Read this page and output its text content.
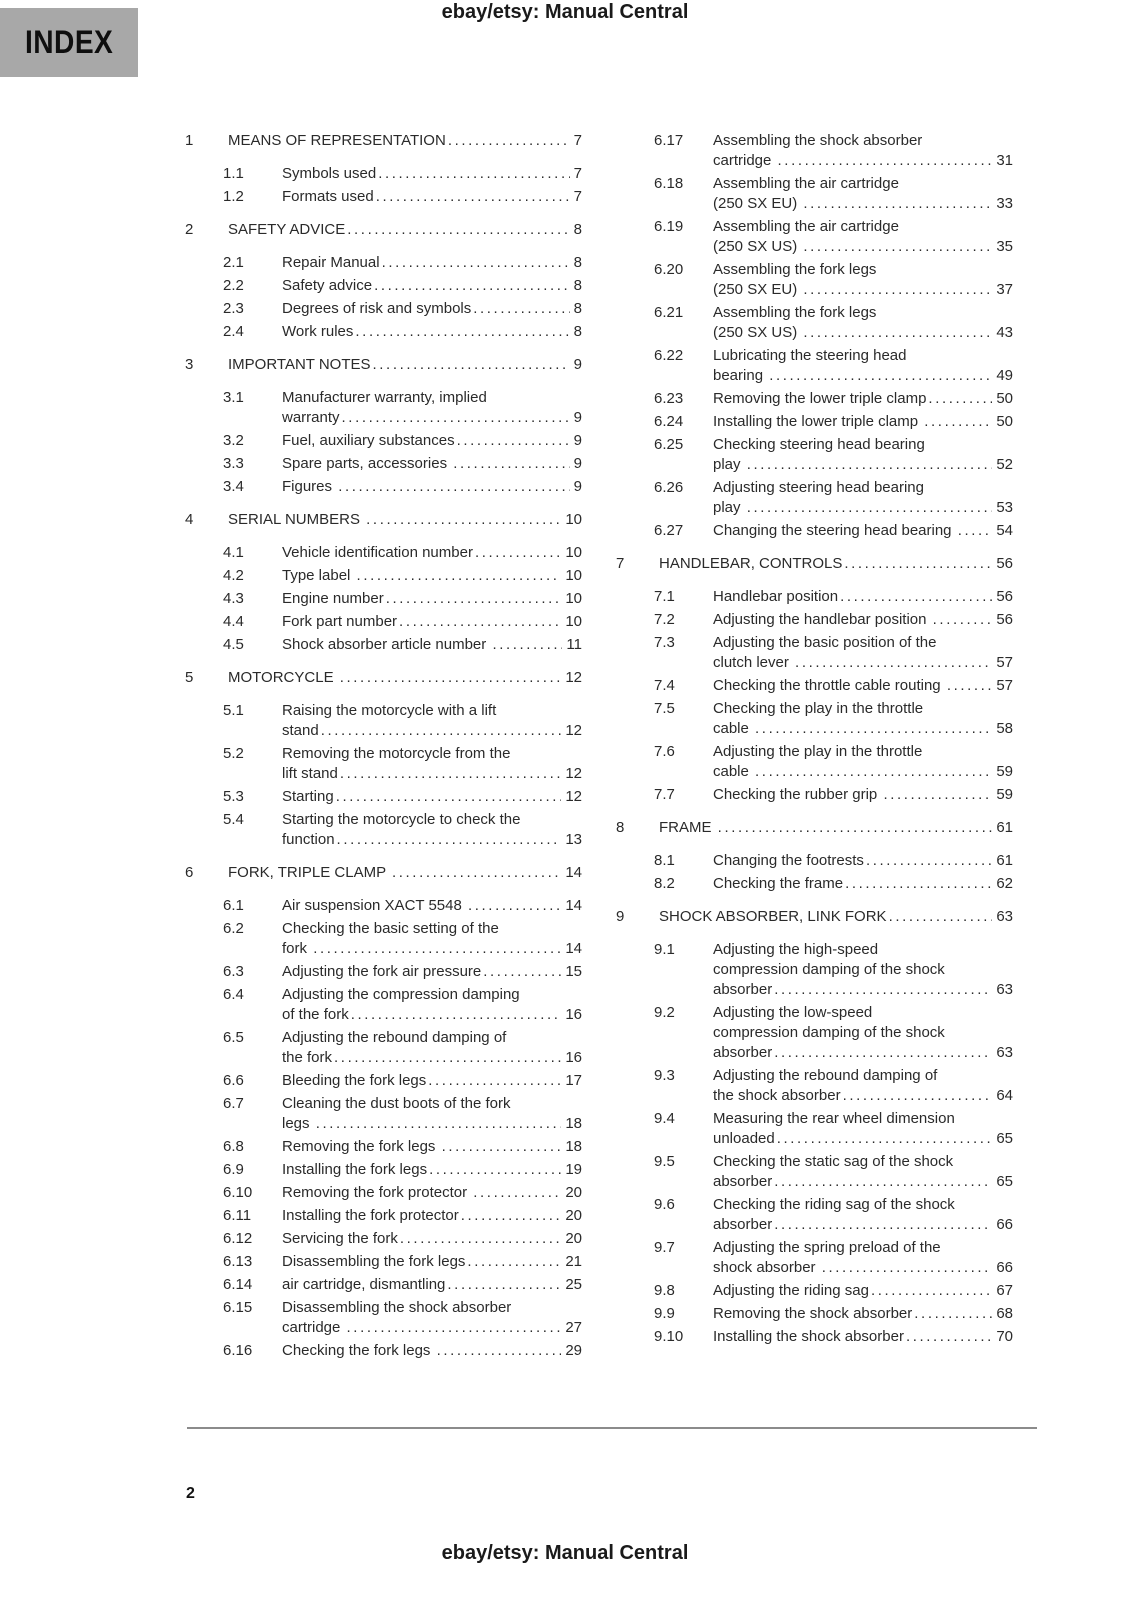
ebay/etsy: Manual Central
INDEX
1	MEANS OF REPRESENTATION .....	7
1.1	Symbols used .....	7
1.2	Formats used .....	7
2	SAFETY ADVICE .....	8
2.1	Repair Manual .....	8
2.2	Safety advice .....	8
2.3	Degrees of risk and symbols .....	8
2.4	Work rules .....	8
3	IMPORTANT NOTES .....	9
3.1	Manufacturer warranty, implied
warranty .....	9
3.2	Fuel, auxiliary substances .....	9
3.3	Spare parts, accessories .....	9
3.4	Figures .....	9
4	SERIAL NUMBERS .....	10
4.1	Vehicle identification number .....	10
4.2	Type label .....	10
4.3	Engine number .....	10
4.4	Fork part number .....	10
4.5	Shock absorber article number .....	11
5	MOTORCYCLE .....	12
5.1	Raising the motorcycle with a lift
stand .....	12
5.2	Removing the motorcycle from the
lift stand .....	12
5.3	Starting .....	12
5.4	Starting the motorcycle to check the
function .....	13
6	FORK, TRIPLE CLAMP .....	14
6.1	Air suspension XACT 5548 .....	14
6.2	Checking the basic setting of the
fork .....	14
6.3	Adjusting the fork air pressure .....	15
6.4	Adjusting the compression damping
of the fork .....	16
6.5	Adjusting the rebound damping of
the fork .....	16
6.6	Bleeding the fork legs .....	17
6.7	Cleaning the dust boots of the fork
legs .....	18
6.8	Removing the fork legs .....	18
6.9	Installing the fork legs .....	19
6.10	Removing the fork protector .....	20
6.11	Installing the fork protector .....	20
6.12	Servicing the fork .....	20
6.13	Disassembling the fork legs .....	21
6.14	air cartridge, dismantling .....	25
6.15	Disassembling the shock absorber
cartridge .....	27
6.16	Checking the fork legs .....	29
6.17	Assembling the shock absorber
cartridge .....	31
6.18	Assembling the air cartridge
(250 SX EU) .....	33
6.19	Assembling the air cartridge
(250 SX US) .....	35
6.20	Assembling the fork legs
(250 SX EU) .....	37
6.21	Assembling the fork legs
(250 SX US) .....	43
6.22	Lubricating the steering head
bearing .....	49
6.23	Removing the lower triple clamp .....	50
6.24	Installing the lower triple clamp .....	50
6.25	Checking steering head bearing
play .....	52
6.26	Adjusting steering head bearing
play .....	53
6.27	Changing the steering head bearing .....	54
7	HANDLEBAR, CONTROLS .....	56
7.1	Handlebar position .....	56
7.2	Adjusting the handlebar position .....	56
7.3	Adjusting the basic position of the
clutch lever .....	57
7.4	Checking the throttle cable routing .....	57
7.5	Checking the play in the throttle
cable .....	58
7.6	Adjusting the play in the throttle
cable .....	59
7.7	Checking the rubber grip .....	59
8	FRAME .....	61
8.1	Changing the footrests .....	61
8.2	Checking the frame .....	62
9	SHOCK ABSORBER, LINK FORK .....	63
9.1	Adjusting the high-speed
compression damping of the shock
absorber .....	63
9.2	Adjusting the low-speed
compression damping of the shock
absorber .....	63
9.3	Adjusting the rebound damping of
the shock absorber .....	64
9.4	Measuring the rear wheel dimension
unloaded .....	65
9.5	Checking the static sag of the shock
absorber .....	65
9.6	Checking the riding sag of the shock
absorber .....	66
9.7	Adjusting the spring preload of the
shock absorber .....	66
9.8	Adjusting the riding sag .....	67
9.9	Removing the shock absorber .....	68
9.10	Installing the shock absorber .....	70
2
ebay/etsy: Manual Central
